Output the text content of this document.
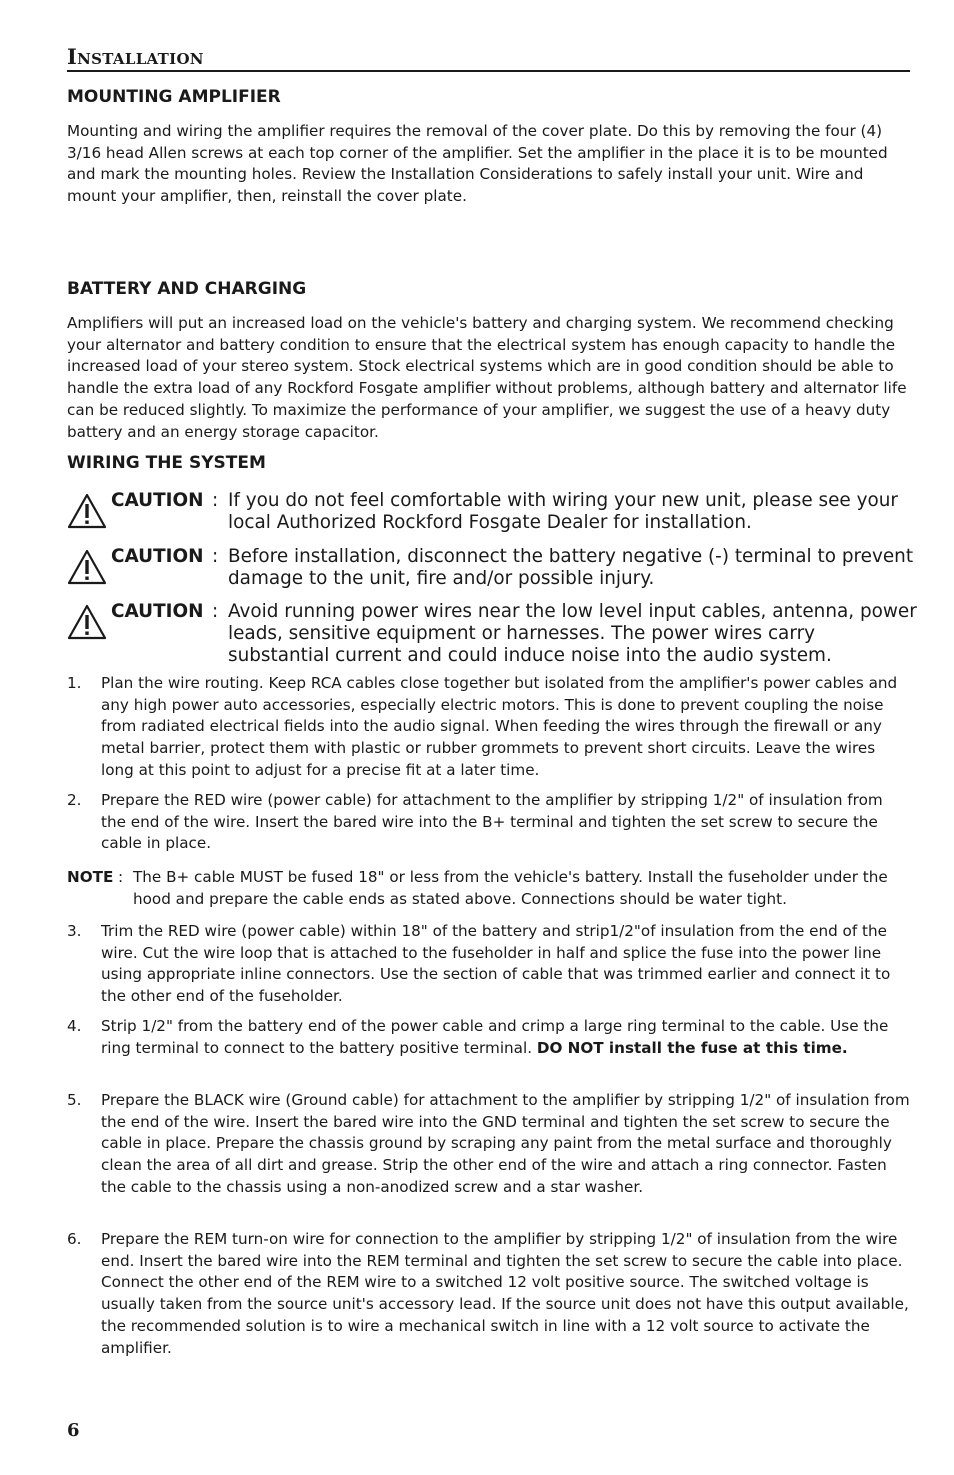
INSTALLATION
MOUNTING AMPLIFIER

Mounting and wiring the amplifier requires the removal of the cover plate. Do this by removing the four (4) 3/16 head Allen screws at each top corner of the amplifier. Set the amplifier in the place it is to be mounted and mark the mounting holes. Review the Installation Considerations to safely install your unit. Wire and mount your amplifier, then, reinstall the cover plate.

BATTERY AND CHARGING

Amplifiers will put an increased load on the vehicle's battery and charging system. We recommend checking your alternator and battery condition to ensure that the electrical system has enough capacity to handle the increased load of your stereo system. Stock electrical systems which are in good condition should be able to handle the extra load of any Rockford Fosgate amplifier without problems, although battery and alternator life can be reduced slightly. To maximize the performance of your amplifier, we suggest the use of a heavy duty battery and an energy storage capacitor.

WIRING THE SYSTEM
CAUTION : If you do not feel comfortable with wiring your new unit, please see your local Authorized Rockford Fosgate Dealer for installation.
CAUTION : Before installation, disconnect the battery negative (-) terminal to prevent damage to the unit, fire and/or possible injury.
CAUTION : Avoid running power wires near the low level input cables, antenna, power leads, sensitive equipment or harnesses. The power wires carry substantial current and could induce noise into the audio system.
1. Plan the wire routing. Keep RCA cables close together but isolated from the amplifier's power cables and any high power auto accessories, especially electric motors. This is done to prevent coupling the noise from radiated electrical fields into the audio signal. When feeding the wires through the firewall or any metal barrier, protect them with plastic or rubber grommets to prevent short circuits. Leave the wires long at this point to adjust for a precise fit at a later time.
2. Prepare the RED wire (power cable) for attachment to the amplifier by stripping 1/2" of insulation from the end of the wire. Insert the bared wire into the B+ terminal and tighten the set screw to secure the cable in place.
NOTE : The B+ cable MUST be fused 18" or less from the vehicle's battery. Install the fuseholder under the hood and prepare the cable ends as stated above. Connections should be water tight.
3. Trim the RED wire (power cable) within 18" of the battery and strip1/2"of insulation from the end of the wire. Cut the wire loop that is attached to the fuseholder in half and splice the fuse into the power line using appropriate inline connectors. Use the section of cable that was trimmed earlier and connect it to the other end of the fuseholder.
4. Strip 1/2" from the battery end of the power cable and crimp a large ring terminal to the cable. Use the ring terminal to connect to the battery positive terminal. DO NOT install the fuse at this time.
5. Prepare the BLACK wire (Ground cable) for attachment to the amplifier by stripping 1/2" of insulation from the end of the wire. Insert the bared wire into the GND terminal and tighten the set screw to secure the cable in place. Prepare the chassis ground by scraping any paint from the metal surface and thoroughly clean the area of all dirt and grease. Strip the other end of the wire and attach a ring connector. Fasten the cable to the chassis using a non-anodized screw and a star washer.
6. Prepare the REM turn-on wire for connection to the amplifier by stripping 1/2" of insulation from the wire end. Insert the bared wire into the REM terminal and tighten the set screw to secure the cable into place. Connect the other end of the REM wire to a switched 12 volt positive source. The switched voltage is usually taken from the source unit's accessory lead. If the source unit does not have this output available, the recommended solution is to wire a mechanical switch in line with a 12 volt source to activate the amplifier.
6
